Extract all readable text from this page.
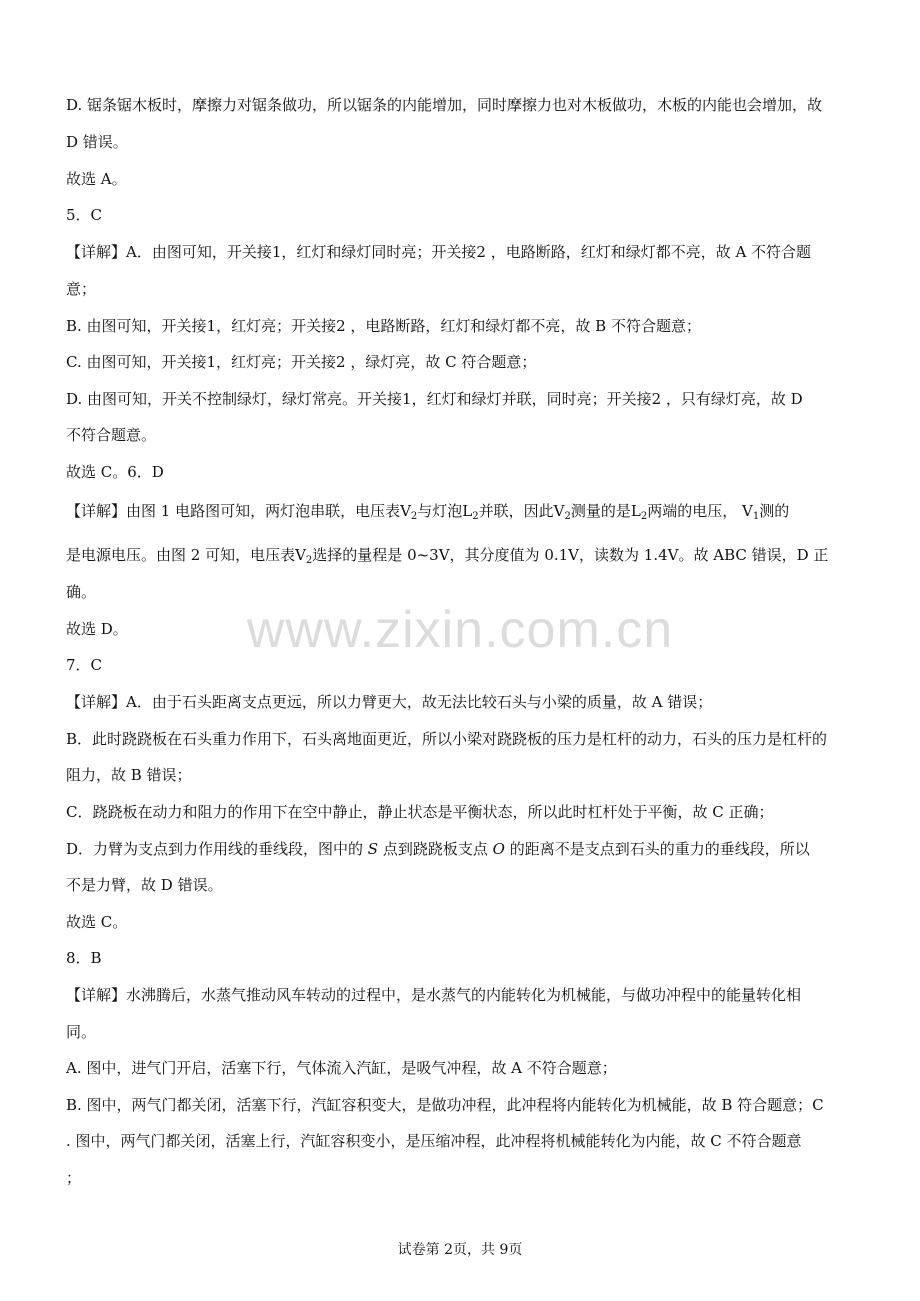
D. 锯条锯木板时，摩擦力对锯条做功，所以锯条的内能增加，同时摩擦力也对木板做功，木板的内能也会增加，故
D 错误。
故选 A。
5．C
【详解】A．由图可知，开关接1，红灯和绿灯同时亮；开关接2 ，电路断路，红灯和绿灯都不亮，故 A 不符合题
意；
B. 由图可知，开关接1，红灯亮；开关接2 ，电路断路，红灯和绿灯都不亮，故 B 不符合题意；
C. 由图可知，开关接1，红灯亮；开关接2 ，绿灯亮，故 C 符合题意；
D. 由图可知，开关不控制绿灯，绿灯常亮。开关接1，红灯和绿灯并联，同时亮；开关接2 ，只有绿灯亮，故 D
不符合题意。
故选 C。6．D
【详解】由图 1 电路图可知，两灯泡串联，电压表$V_2$与灯泡$L_2$并联，因此$V_2$测量的是$L_2$两端的电压， $V_1$测的
是电源电压。由图 2 可知，电压表$V_2$选择的量程是 0~3V，其分度值为 0.1V，读数为 1.4V。故 ABC 错误，D 正
确。
故选 D。
7．C
【详解】A．由于石头距离支点更远，所以力臂更大，故无法比较石头与小梁的质量，故 A 错误；
B．此时跷跷板在石头重力作用下，石头离地面更近，所以小梁对跷跷板的压力是杠杆的动力，石头的压力是杠杆的
阻力，故 B 错误；
C．跷跷板在动力和阻力的作用下在空中静止，静止状态是平衡状态，所以此时杠杆处于平衡，故 C 正确；
D．力臂为支点到力作用线的垂线段，图中的 S 点到跷跷板支点 O 的距离不是支点到石头的重力的垂线段，所以
不是力臂，故 D 错误。
故选 C。
8．B
【详解】水沸腾后，水蒸气推动风车转动的过程中，是水蒸气的内能转化为机械能，与做功冲程中的能量转化相
同。
A. 图中，进气门开启，活塞下行，气体流入汽缸，是吸气冲程，故 A 不符合题意；
B. 图中，两气门都关闭，活塞下行，汽缸容积变大，是做功冲程，此冲程将内能转化为机械能，故 B 符合题意；C
. 图中，两气门都关闭，活塞上行，汽缸容积变小，是压缩冲程，此冲程将机械能转化为内能，故 C 不符合题意
；
www.zixin.com.cn
试卷第 2页，共 9页
